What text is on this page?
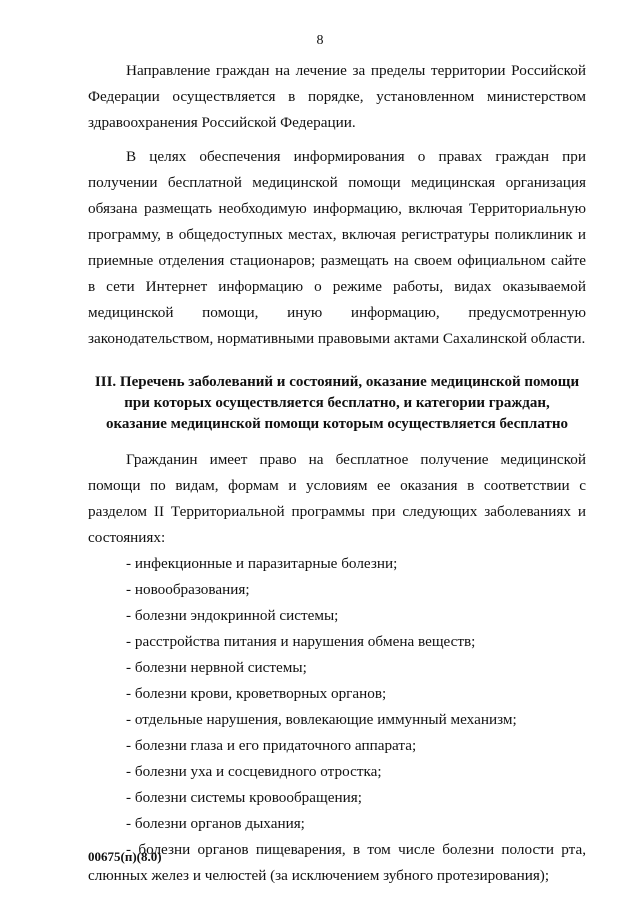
8

Направление граждан на лечение за пределы территории Российской Федерации осуществляется в порядке, установленном министерством здравоохранения Российской Федерации.

В целях обеспечения информирования о правах граждан при получении бесплатной медицинской помощи медицинская организация обязана размещать необходимую информацию, включая Территориальную программу, в общедоступных местах, включая регистратуры поликлиник и приемные отделения стационаров; размещать на своем официальном сайте в сети Интернет информацию о режиме работы, видах оказываемой медицинской помощи, иную информацию, предусмотренную законодательством, нормативными правовыми актами Сахалинской области.

III. Перечень заболеваний и состояний, оказание медицинской помощи

при которых осуществляется бесплатно, и категории граждан,

оказание медицинской помощи которым осуществляется бесплатно

Гражданин имеет право на бесплатное получение медицинской помощи по видам, формам и условиям ее оказания в соответствии с разделом II Территориальной программы при следующих заболеваниях и состояниях:

- инфекционные и паразитарные болезни;
- новообразования;
- болезни эндокринной системы;
- расстройства питания и нарушения обмена веществ;
- болезни нервной системы;
- болезни крови, кроветворных органов;
- отдельные нарушения, вовлекающие иммунный механизм;
- болезни глаза и его придаточного аппарата;
- болезни уха и сосцевидного отростка;
- болезни системы кровообращения;
- болезни органов дыхания;
- болезни органов пищеварения, в том числе болезни полости рта, слюнных желез и челюстей (за исключением зубного протезирования);
00675(п)(8.0)
